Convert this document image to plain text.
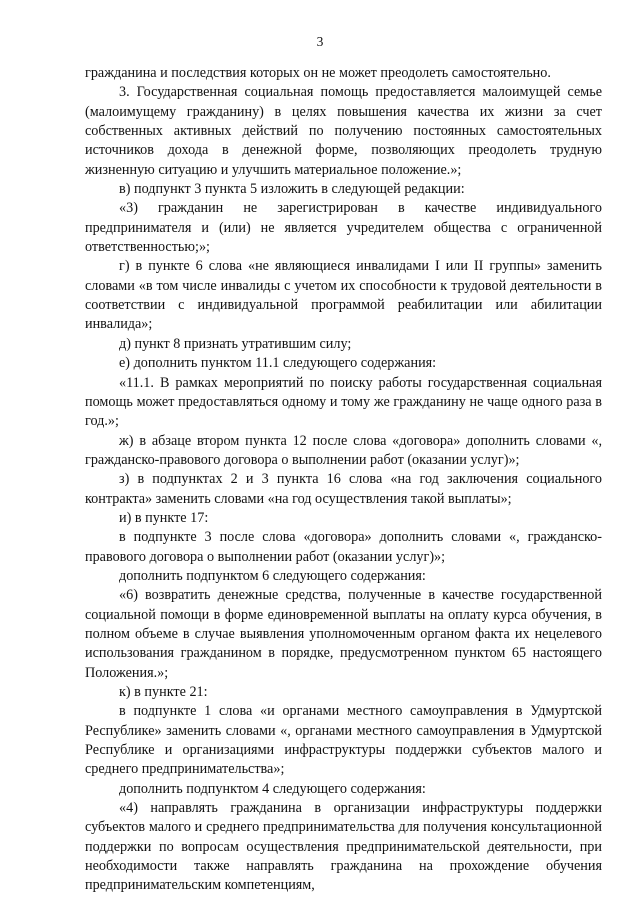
3

гражданина и последствия которых он не может преодолеть самостоятельно.

3. Государственная социальная помощь предоставляется малоимущей семье (малоимущему гражданину) в целях повышения качества их жизни за счет собственных активных действий по получению постоянных самостоятельных источников дохода в денежной форме, позволяющих преодолеть трудную жизненную ситуацию и улучшить материальное положение.»;

в) подпункт 3 пункта 5 изложить в следующей редакции:

«3) гражданин не зарегистрирован в качестве индивидуального предпринимателя и (или) не является учредителем общества с ограниченной ответственностью;»;

г) в пункте 6 слова «не являющиеся инвалидами I или II группы» заменить словами «в том числе инвалиды с учетом их способности к трудовой деятельности в соответствии с индивидуальной программой реабилитации или абилитации инвалида»;

д) пункт 8 признать утратившим силу;

е) дополнить пунктом 11.1 следующего содержания:

«11.1. В рамках мероприятий по поиску работы государственная социальная помощь может предоставляться одному и тому же гражданину не чаще одного раза в год.»;

ж) в абзаце втором пункта 12 после слова «договора» дополнить словами «, гражданско-правового договора о выполнении работ (оказании услуг)»;

з) в подпунктах 2 и 3 пункта 16 слова «на год заключения социального контракта» заменить словами «на год осуществления такой выплаты»;

и) в пункте 17:

в подпункте 3 после слова «договора» дополнить словами «, гражданско-правового договора о выполнении работ (оказании услуг)»;

дополнить подпунктом 6 следующего содержания:

«6) возвратить денежные средства, полученные в качестве государственной социальной помощи в форме единовременной выплаты на оплату курса обучения, в полном объеме в случае выявления уполномоченным органом факта их нецелевого использования гражданином в порядке, предусмотренном пунктом 65 настоящего Положения.»;

к) в пункте 21:

в подпункте 1 слова «и органами местного самоуправления в Удмуртской Республике» заменить словами «, органами местного самоуправления в Удмуртской Республике и организациями инфраструктуры поддержки субъектов малого и среднего предпринимательства»;

дополнить подпунктом 4 следующего содержания:

«4) направлять гражданина в организации инфраструктуры поддержки субъектов малого и среднего предпринимательства для получения консультационной поддержки по вопросам осуществления предпринимательской деятельности, при необходимости также направлять гражданина на прохождение обучения предпринимательским компетенциям,
